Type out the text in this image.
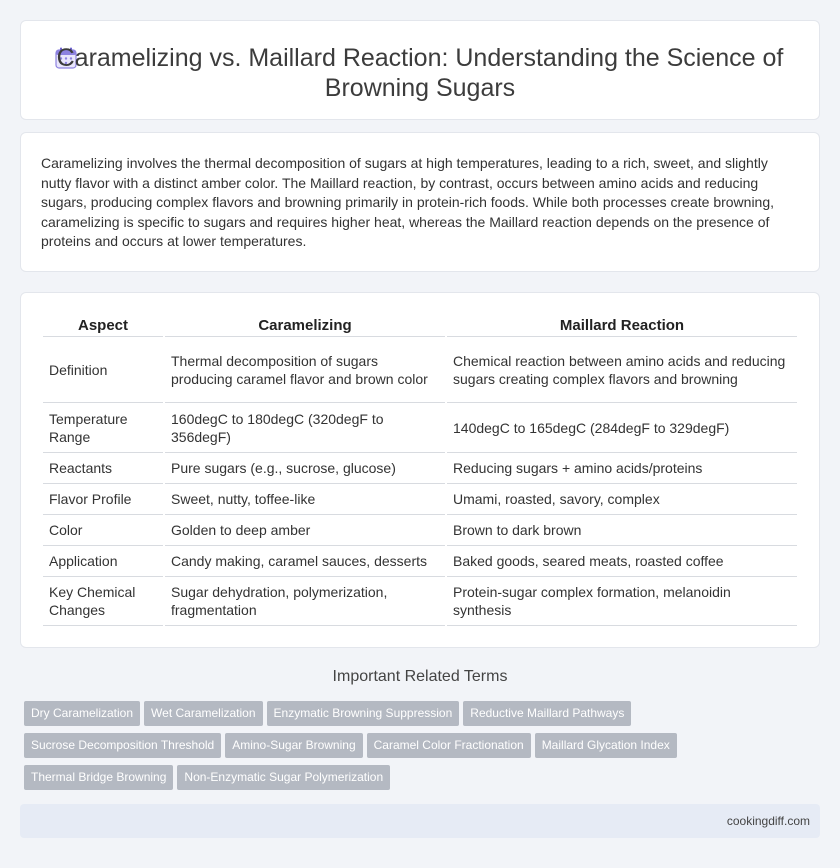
Caramelizing vs. Maillard Reaction: Understanding the Science of Browning Sugars

Caramelizing involves the thermal decomposition of sugars at high temperatures, leading to a rich, sweet, and slightly nutty flavor with a distinct amber color. The Maillard reaction, by contrast, occurs between amino acids and reducing sugars, producing complex flavors and browning primarily in protein-rich foods. While both processes create browning, caramelizing is specific to sugars and requires higher heat, whereas the Maillard reaction depends on the presence of proteins and occurs at lower temperatures.

Aspect	Caramelizing	Maillard Reaction
Definition	Thermal decomposition of sugars producing caramel flavor and brown color	Chemical reaction between amino acids and reducing sugars creating complex flavors and browning
Temperature Range	160degC to 180degC (320degF to 356degF)	140degC to 165degC (284degF to 329degF)
Reactants	Pure sugars (e.g., sucrose, glucose)	Reducing sugars + amino acids/proteins
Flavor Profile	Sweet, nutty, toffee-like	Umami, roasted, savory, complex
Color	Golden to deep amber	Brown to dark brown
Application	Candy making, caramel sauces, desserts	Baked goods, seared meats, roasted coffee
Key Chemical Changes	Sugar dehydration, polymerization, fragmentation	Protein-sugar complex formation, melanoidin synthesis
Important Related Terms
Dry Caramelization Wet Caramelization Enzymatic Browning Suppression Reductive Maillard Pathways
Sucrose Decomposition Threshold Amino-Sugar Browning Caramel Color Fractionation Maillard Glycation Index
Thermal Bridge Browning Non-Enzymatic Sugar Polymerization
cookingdiff.com
